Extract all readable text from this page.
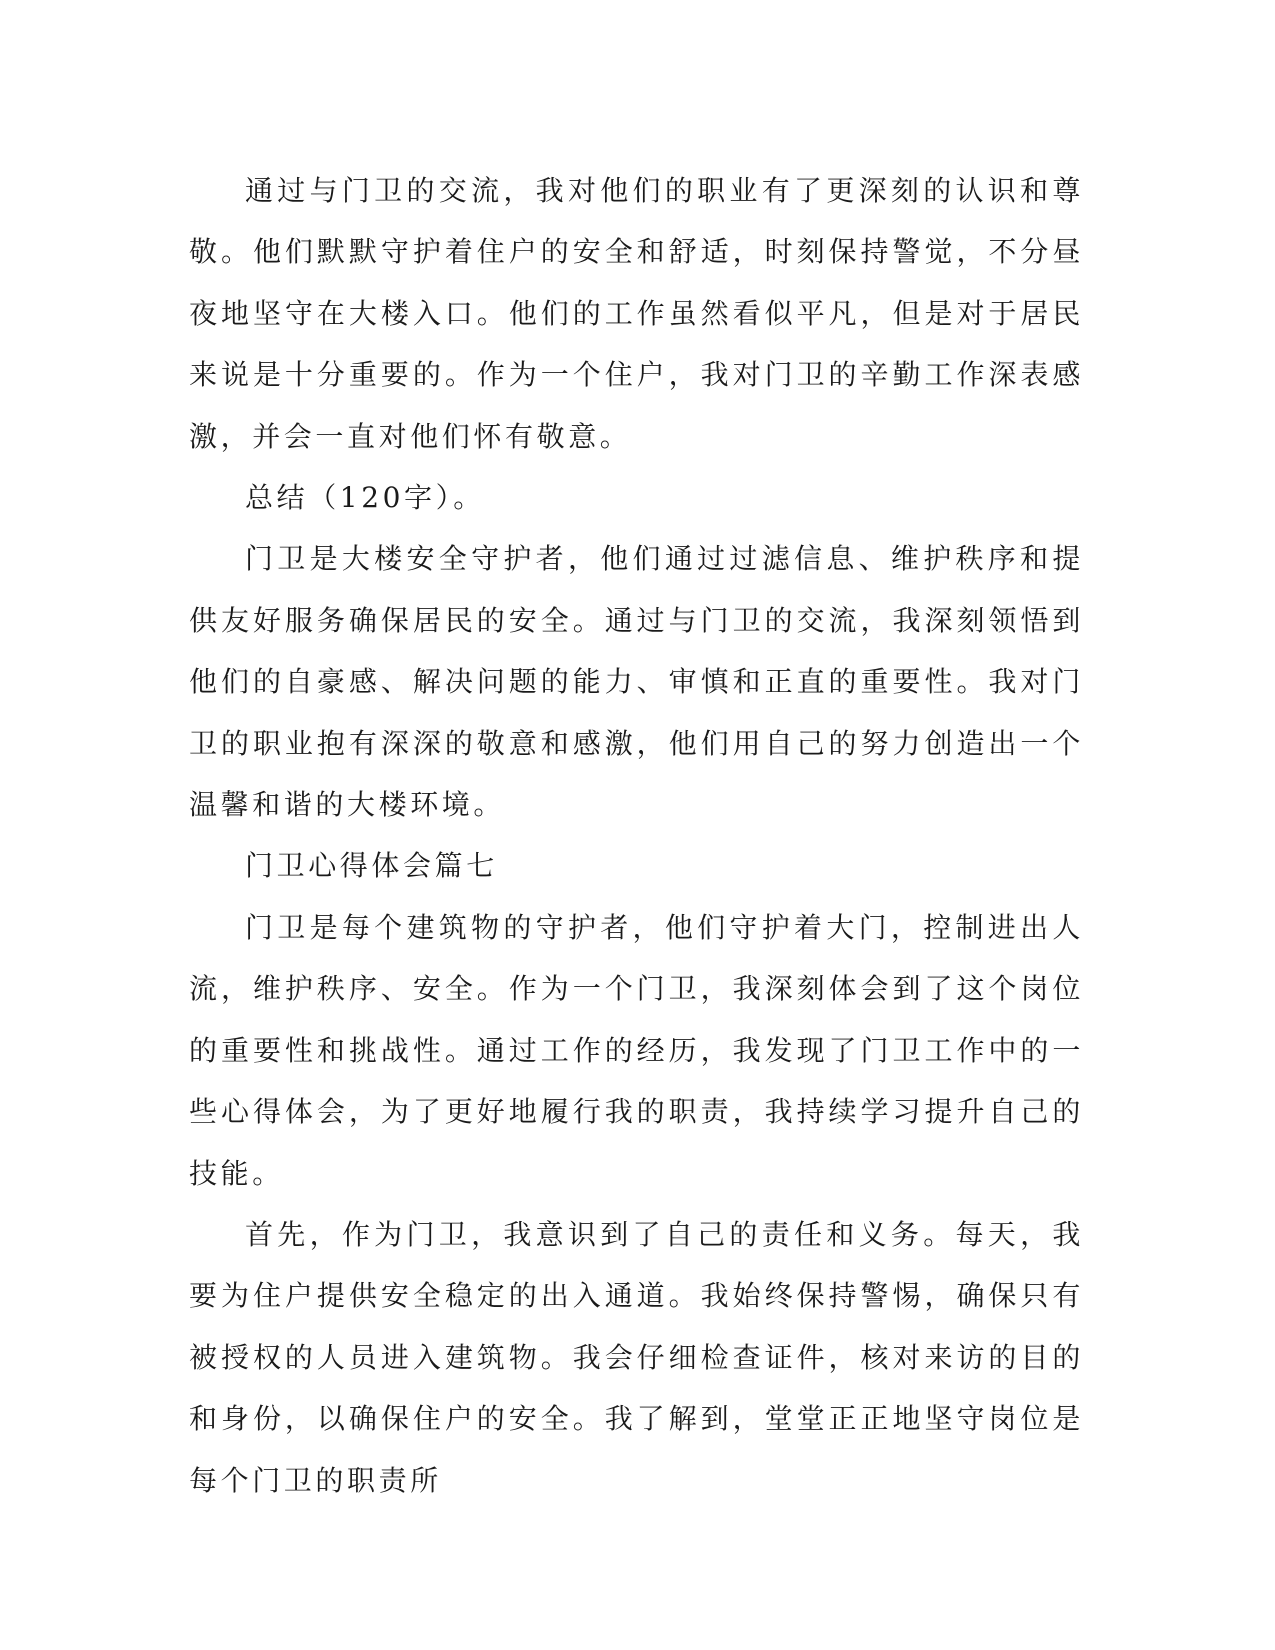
通过与门卫的交流，我对他们的职业有了更深刻的认识和尊敬。他们默默守护着住户的安全和舒适，时刻保持警觉，不分昼夜地坚守在大楼入口。他们的工作虽然看似平凡，但是对于居民来说是十分重要的。作为一个住户，我对门卫的辛勤工作深表感激，并会一直对他们怀有敬意。

总结（120字）。

门卫是大楼安全守护者，他们通过过滤信息、维护秩序和提供友好服务确保居民的安全。通过与门卫的交流，我深刻领悟到他们的自豪感、解决问题的能力、审慎和正直的重要性。我对门卫的职业抱有深深的敬意和感激，他们用自己的努力创造出一个温馨和谐的大楼环境。

门卫心得体会篇七

门卫是每个建筑物的守护者，他们守护着大门，控制进出人流，维护秩序、安全。作为一个门卫，我深刻体会到了这个岗位的重要性和挑战性。通过工作的经历，我发现了门卫工作中的一些心得体会，为了更好地履行我的职责，我持续学习提升自己的技能。

首先，作为门卫，我意识到了自己的责任和义务。每天，我要为住户提供安全稳定的出入通道。我始终保持警惕，确保只有被授权的人员进入建筑物。我会仔细检查证件，核对来访的目的和身份，以确保住户的安全。我了解到，堂堂正正地坚守岗位是每个门卫的职责所
